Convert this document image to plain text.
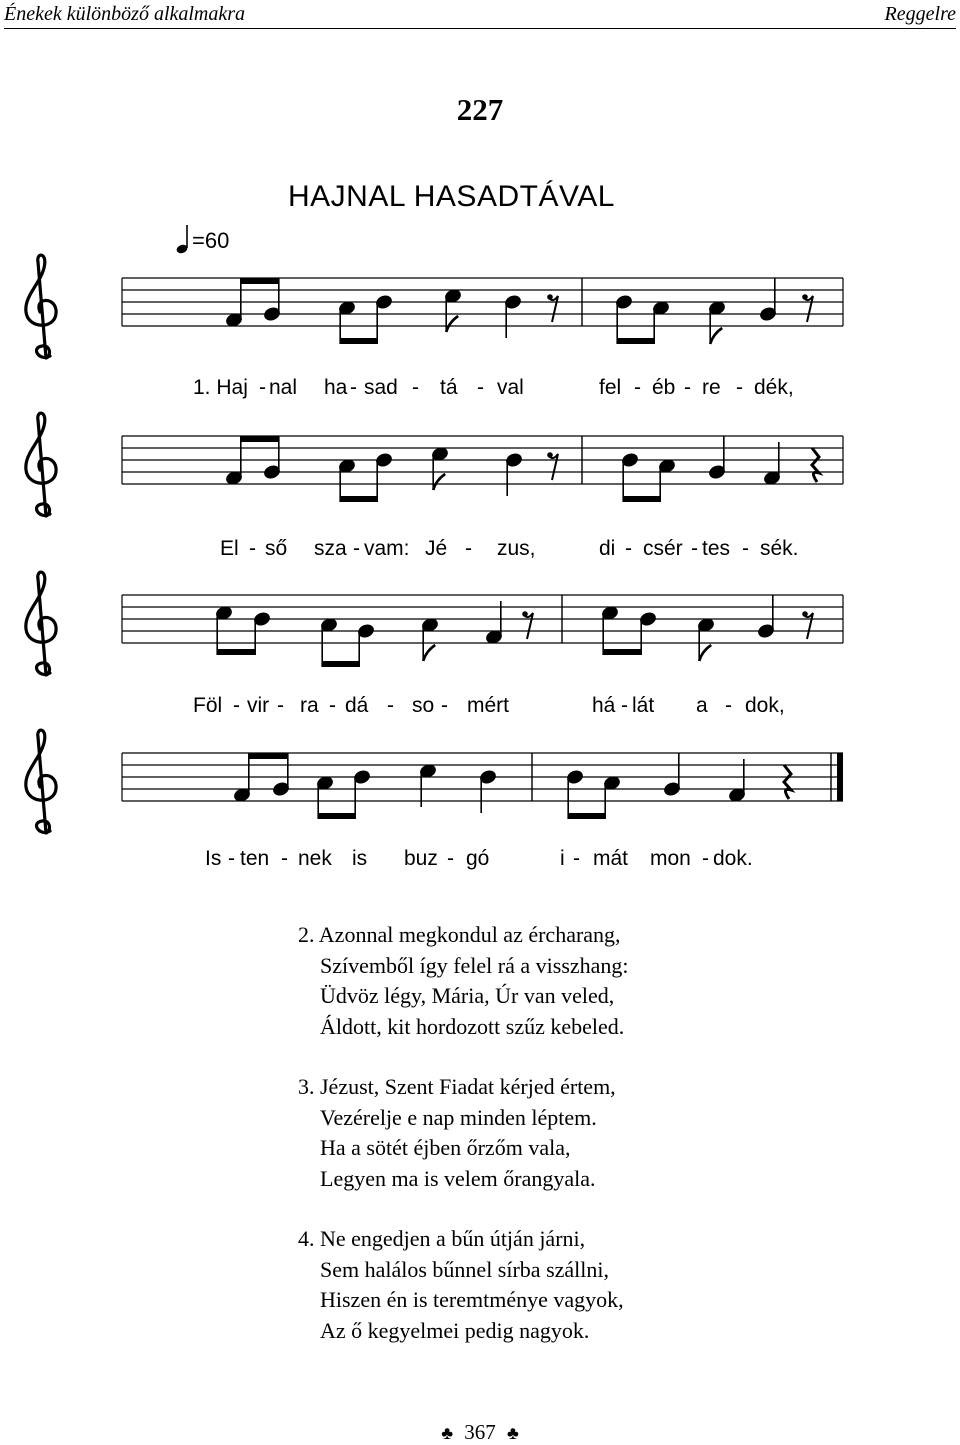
Énekek különböző alkalmakra	Reggelre
227
HAJNAL HASADTÁVAL
=60
1. Haj - nal ha - sad - tá - val	fel - éb - re - dék,
El - ső sza - vam: Jé - zus,	di - csér - tes - sék.
Föl - vir - ra - dá - so - mért	há - lát a - dok,
Is - ten - nek is buz - gó	i - mát mon - dok.
2. Azonnal megkondul az ércharang,
Szívemből így felel rá a visszhang:
Üdvöz légy, Mária, Úr van veled,
Áldott, kit hordozott szűz kebeled.
3. Jézust, Szent Fiadat kérjed értem,
Vezérelje e nap minden léptem.
Ha a sötét éjben őrzőm vala,
Legyen ma is velem őrangyala.
4. Ne engedjen a bűn útján járni,
Sem halálos bűnnel sírba szállni,
Hiszen én is teremtménye vagyok,
Az ő kegyelmei pedig nagyok.
♣ 367 ♣
